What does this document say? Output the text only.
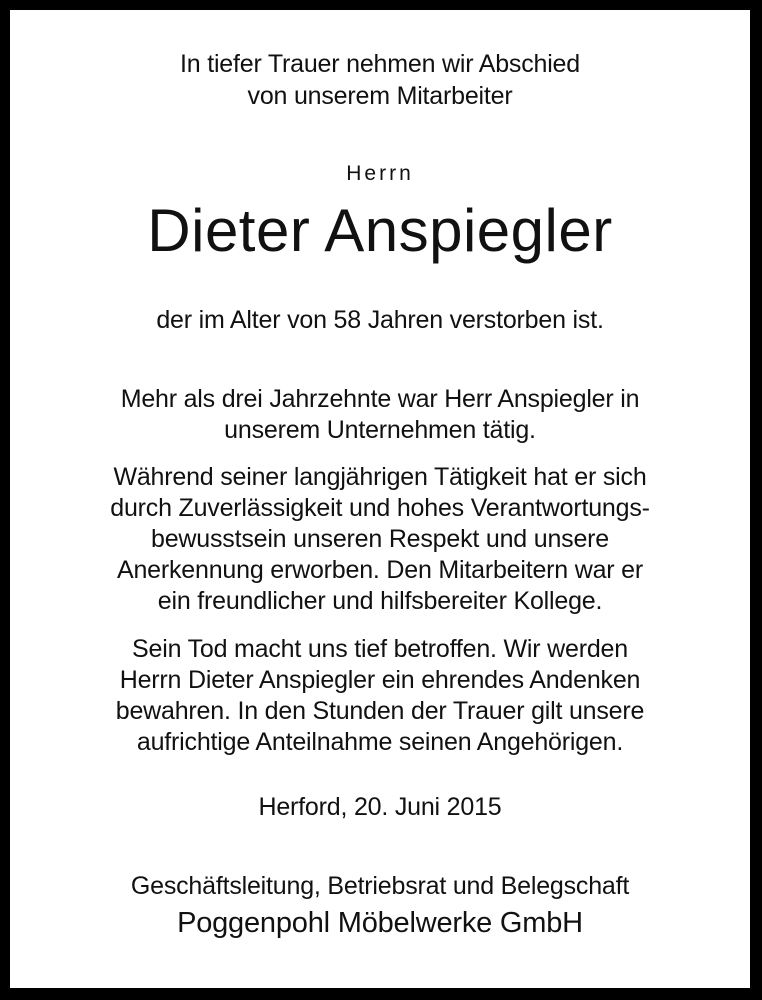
In tiefer Trauer nehmen wir Abschied
von unserem Mitarbeiter
Herrn
Dieter Anspiegler
der im Alter von 58 Jahren verstorben ist.
Mehr als drei Jahrzehnte war Herr Anspiegler in
unserem Unternehmen tätig.
Während seiner langjährigen Tätigkeit hat er sich
durch Zuverlässigkeit und hohes Verantwortungs-
bewusstsein unseren Respekt und unsere
Anerkennung erworben. Den Mitarbeitern war er
ein freundlicher und hilfsbereiter Kollege.
Sein Tod macht uns tief betroffen. Wir werden
Herrn Dieter Anspiegler ein ehrendes Andenken
bewahren. In den Stunden der Trauer gilt unsere
aufrichtige Anteilnahme seinen Angehörigen.
Herford, 20. Juni 2015
Geschäftsleitung, Betriebsrat und Belegschaft
Poggenpohl Möbelwerke GmbH
